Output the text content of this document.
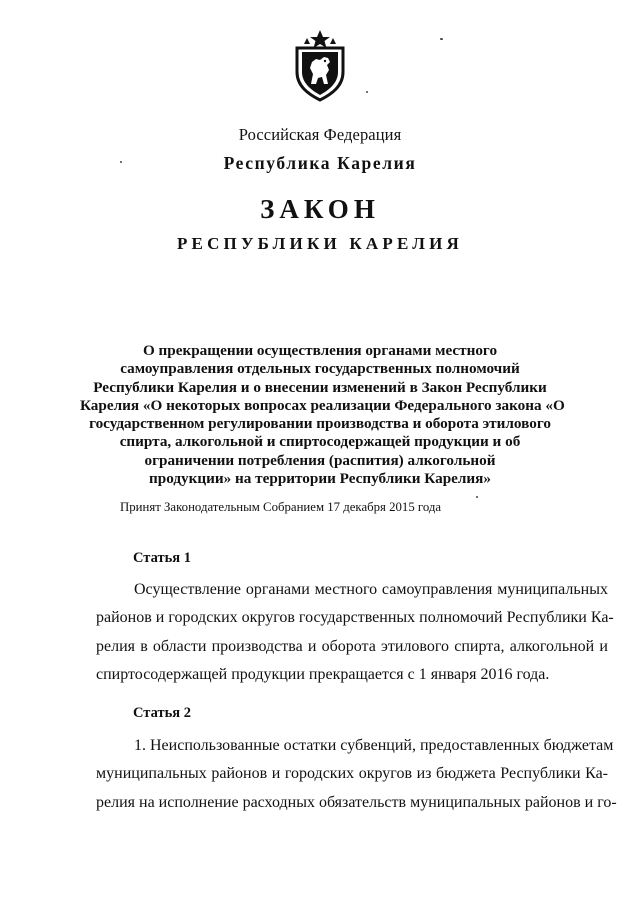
Российская Федерация
Республика Карелия
ЗАКОН
РЕСПУБЛИКИ КАРЕЛИЯ
О прекращении осуществления органами местного
самоуправления отдельных государственных полномочий
Республики Карелия и о внесении изменений в Закон Республики
Карелия «О некоторых вопросах реализации Федерального закона «О
государственном регулировании производства и оборота этилового
спирта, алкогольной и спиртосодержащей продукции и об
ограничении потребления (распития) алкогольной
продукции» на территории Республики Карелия»
Принят Законодательным Собранием 17 декабря 2015 года
Статья 1
Осуществление органами местного самоуправления муниципальных
районов и городских округов государственных полномочий Республики Ка-
релия в области производства и оборота этилового спирта, алкогольной и
спиртосодержащей продукции прекращается с 1 января 2016 года.
Статья 2
1. Неиспользованные остатки субвенций, предоставленных бюджетам
муниципальных районов и городских округов из бюджета Республики Ка-
релия на исполнение расходных обязательств муниципальных районов и го-
